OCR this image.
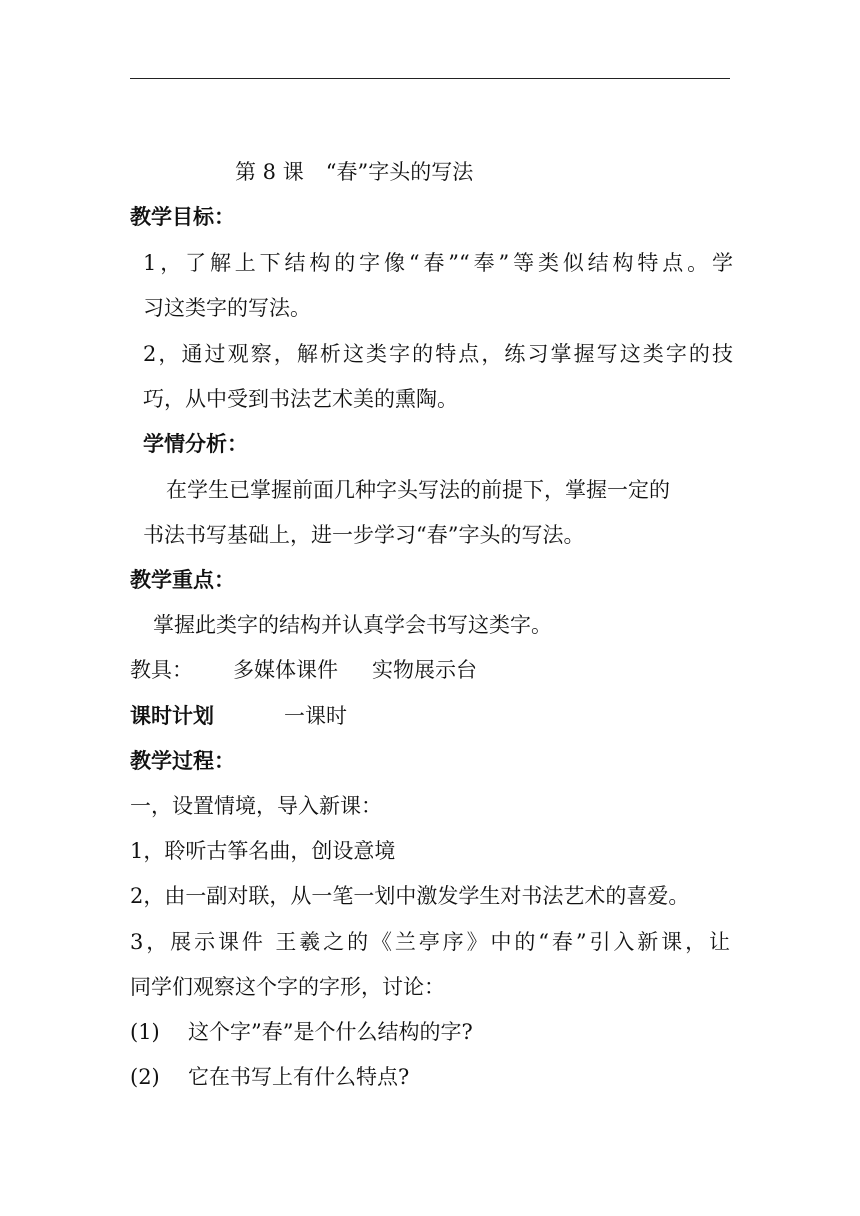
第 8 课 “春”字头的写法
教学目标：
1，了解上下结构的字像“春”“奉”等类似结构特点。学
习这类字的写法。
2，通过观察，解析这类字的特点，练习掌握写这类字的技
巧，从中受到书法艺术美的熏陶。
学情分析：
在学生已掌握前面几种字头写法的前提下，掌握一定的
书法书写基础上，进一步学习“春”字头的写法。
教学重点：
掌握此类字的结构并认真学会书写这类字。
教具： 多媒体课件 实物展示台
课时计划	一课时
教学过程：
一，设置情境，导入新课：
1，聆听古筝名曲，创设意境
2，由一副对联，从一笔一划中激发学生对书法艺术的喜爱。
3，展示课件 王羲之的《兰亭序》中的“春”引入新课，让
同学们观察这个字的字形，讨论：
(1) 这个字”春”是个什么结构的字?
(2) 它在书写上有什么特点?
